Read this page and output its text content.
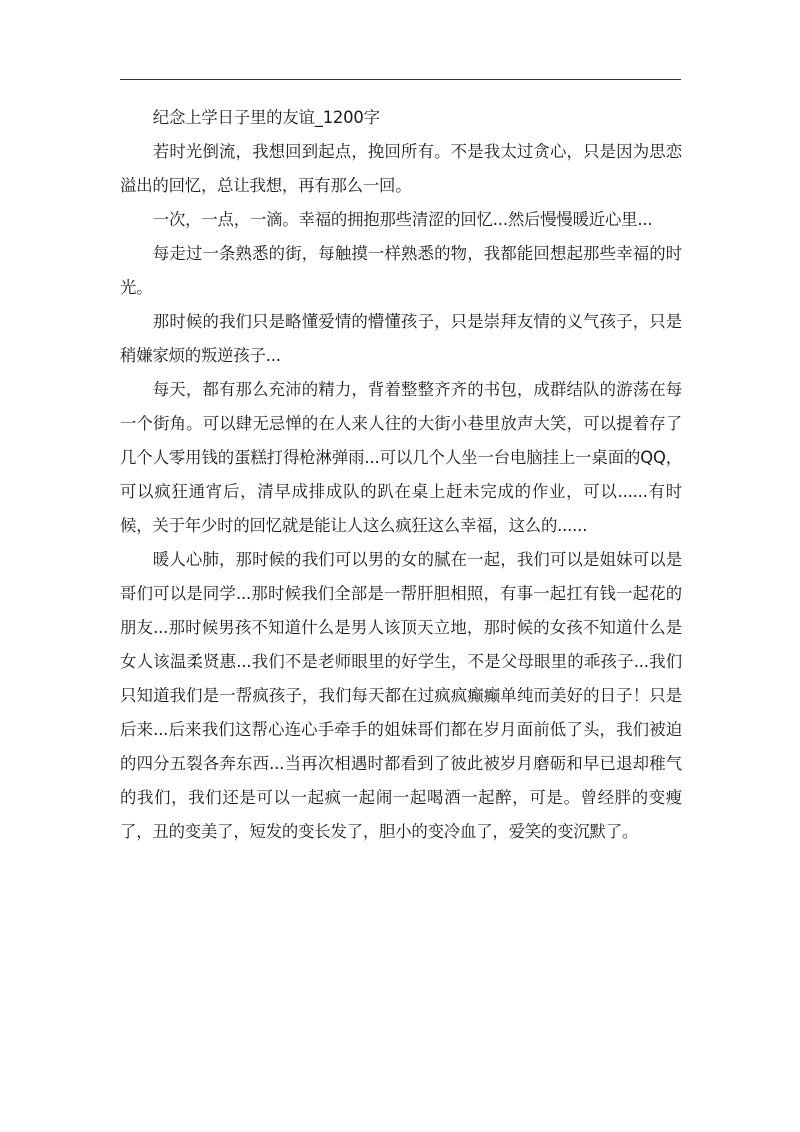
纪念上学日子里的友谊_1200字

若时光倒流，我想回到起点，挽回所有。不是我太过贪心，只是因为思恋溢出的回忆，总让我想，再有那么一回。

一次，一点，一滴。幸福的拥抱那些清涩的回忆...然后慢慢暖近心里...

每走过一条熟悉的街，每触摸一样熟悉的物，我都能回想起那些幸福的时光。

那时候的我们只是略懂爱情的懵懂孩子，只是崇拜友情的义气孩子，只是稍嫌家烦的叛逆孩子...

每天，都有那么充沛的精力，背着整整齐齐的书包，成群结队的游荡在每一个街角。可以肆无忌惮的在人来人往的大街小巷里放声大笑，可以提着存了几个人零用钱的蛋糕打得枪淋弹雨...可以几个人坐一台电脑挂上一桌面的QQ，可以疯狂通宵后，清早成排成队的趴在桌上赶未完成的作业，可以......有时候，关于年少时的回忆就是能让人这么疯狂这么幸福，这么的......

暖人心肺，那时候的我们可以男的女的腻在一起，我们可以是姐妹可以是哥们可以是同学...那时候我们全部是一帮肝胆相照，有事一起扛有钱一起花的朋友...那时候男孩不知道什么是男人该顶天立地，那时候的女孩不知道什么是女人该温柔贤惠...我们不是老师眼里的好学生，不是父母眼里的乖孩子...我们只知道我们是一帮疯孩子，我们每天都在过疯疯癫癫单纯而美好的日子！只是后来...后来我们这帮心连心手牵手的姐妹哥们都在岁月面前低了头，我们被迫的四分五裂各奔东西...当再次相遇时都看到了彼此被岁月磨砺和早已退却稚气的我们，我们还是可以一起疯一起闹一起喝酒一起醉，可是。曾经胖的变瘦了，丑的变美了，短发的变长发了，胆小的变冷血了，爱笑的变沉默了。
